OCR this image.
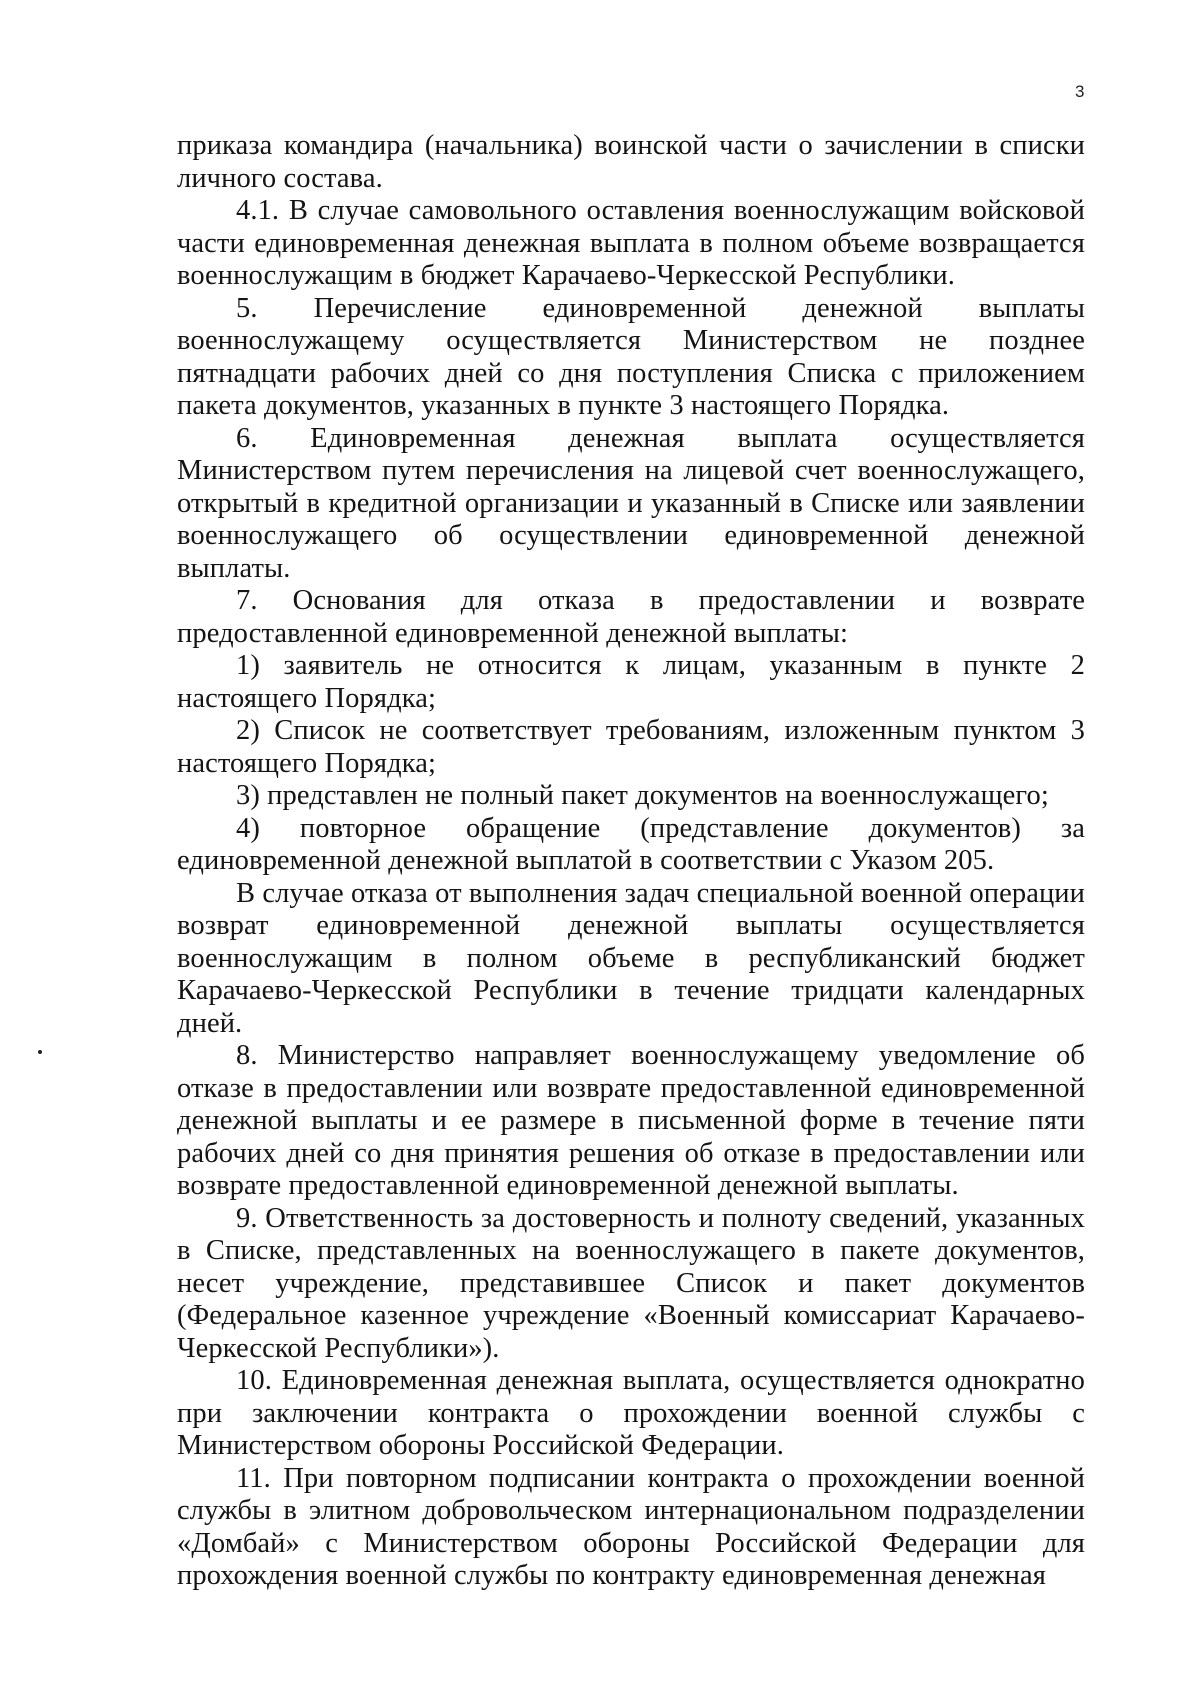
3

приказа командира (начальника) воинской части о зачислении в списки личного состава.

4.1. В случае самовольного оставления военнослужащим войсковой части единовременная денежная выплата в полном объеме возвращается военнослужащим в бюджет Карачаево-Черкесской Республики.

5. Перечисление единовременной денежной выплаты военнослужащему осуществляется Министерством не позднее пятнадцати рабочих дней со дня поступления Списка с приложением пакета документов, указанных в пункте 3 настоящего Порядка.

6. Единовременная денежная выплата осуществляется Министерством путем перечисления на лицевой счет военнослужащего, открытый в кредитной организации и указанный в Списке или заявлении военнослужащего об осуществлении единовременной денежной выплаты.

7. Основания для отказа в предоставлении и возврате предоставленной единовременной денежной выплаты:

1) заявитель не относится к лицам, указанным в пункте 2 настоящего Порядка;

2) Список не соответствует требованиям, изложенным пунктом 3 настоящего Порядка;

3) представлен не полный пакет документов на военнослужащего;

4) повторное обращение (представление документов) за единовременной денежной выплатой в соответствии с Указом 205.

В случае отказа от выполнения задач специальной военной операции возврат единовременной денежной выплаты осуществляется военнослужащим в полном объеме в республиканский бюджет Карачаево-Черкесской Республики в течение тридцати календарных дней.

8. Министерство направляет военнослужащему уведомление об отказе в предоставлении или возврате предоставленной единовременной денежной выплаты и ее размере в письменной форме в течение пяти рабочих дней со дня принятия решения об отказе в предоставлении или возврате предоставленной единовременной денежной выплаты.

9. Ответственность за достоверность и полноту сведений, указанных в Списке, представленных на военнослужащего в пакете документов, несет учреждение, представившее Список и пакет документов (Федеральное казенное учреждение «Военный комиссариат Карачаево-Черкесской Республики»).

10. Единовременная денежная выплата, осуществляется однократно при заключении контракта о прохождении военной службы с Министерством обороны Российской Федерации.

11. При повторном подписании контракта о прохождении военной службы в элитном добровольческом интернациональном подразделении «Домбай» с Министерством обороны Российской Федерации для прохождения военной службы по контракту единовременная денежная
